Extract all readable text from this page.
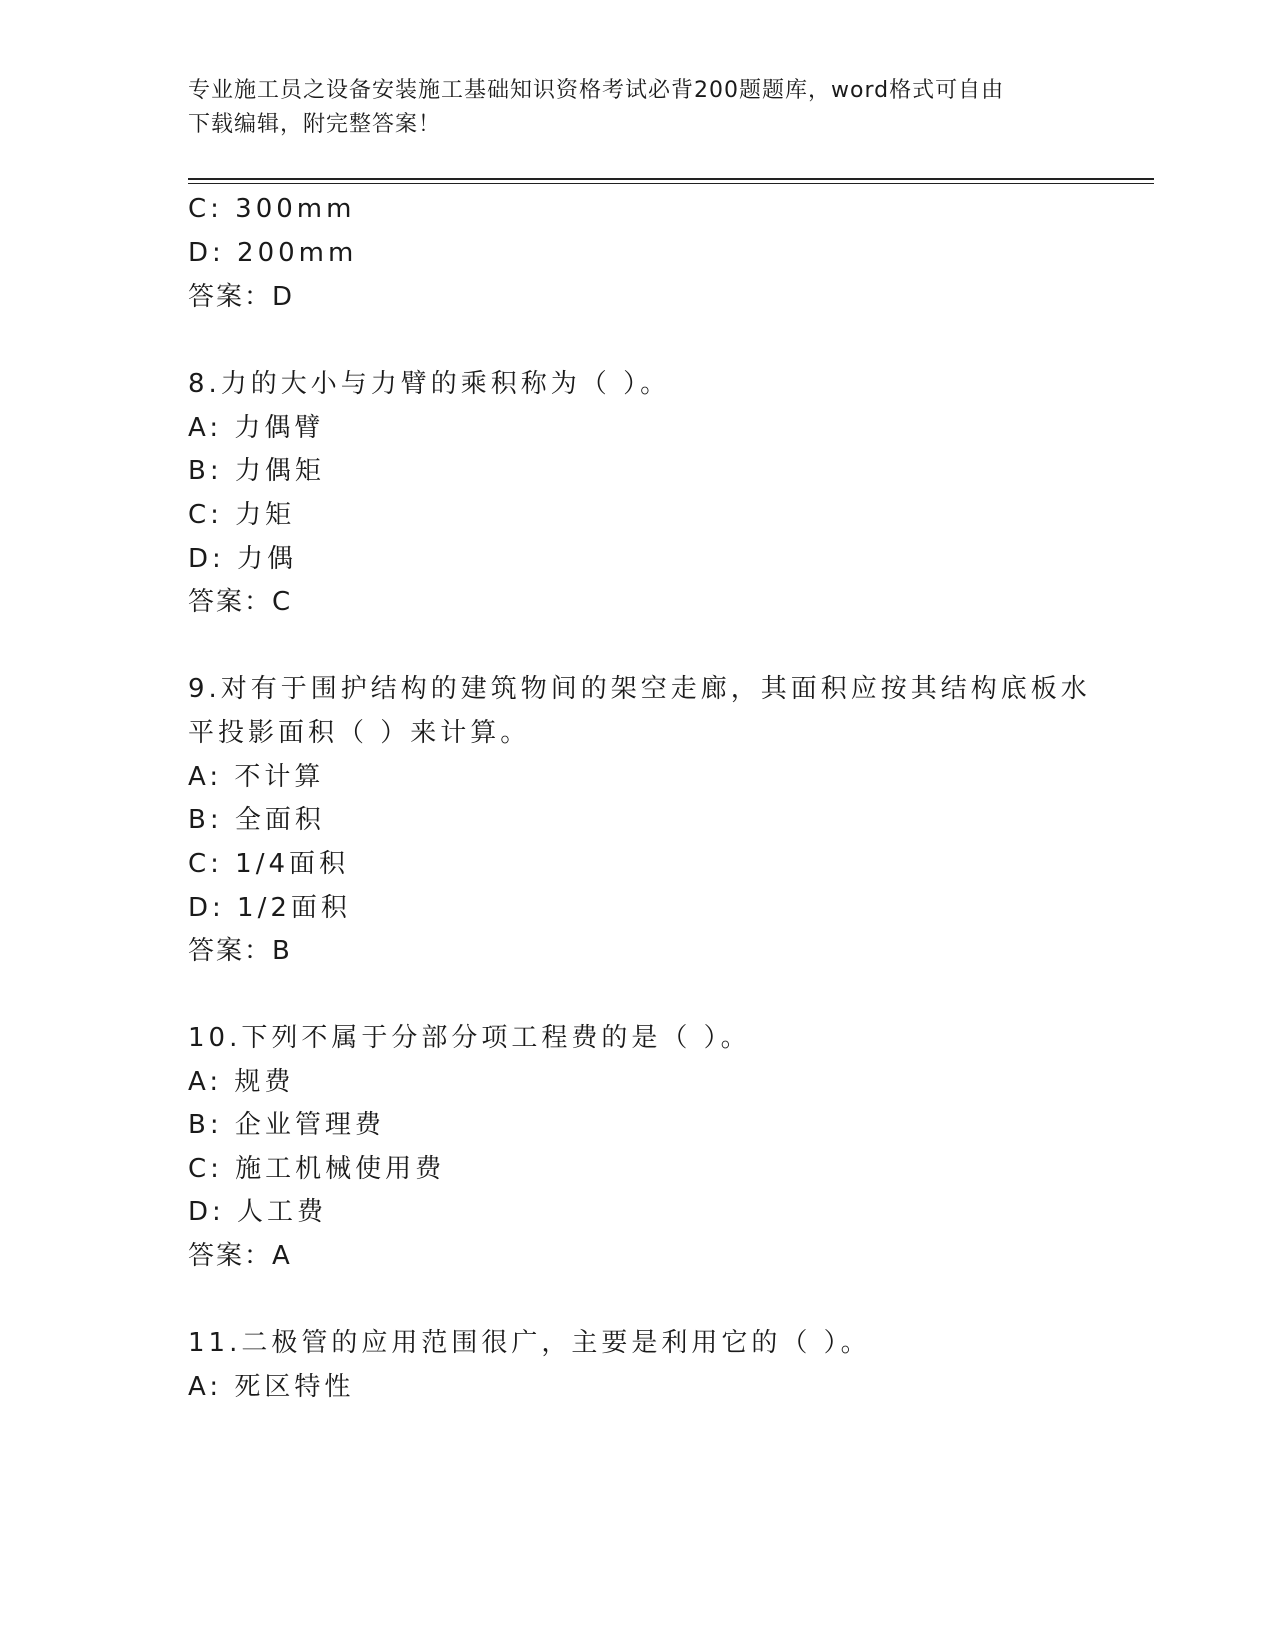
专业施工员之设备安装施工基础知识资格考试必背200题题库，word格式可自由
下载编辑，附完整答案！
C: 300mm
D: 200mm
答案：D
8.力的大小与力臂的乘积称为（ ）。
A: 力偶臂
B: 力偶矩
C: 力矩
D: 力偶
答案：C
9.对有于围护结构的建筑物间的架空走廊，其面积应按其结构底板水
平投影面积（ ）来计算。
A: 不计算
B: 全面积
C: 1/4面积
D: 1/2面积
答案：B
10.下列不属于分部分项工程费的是（ ）。
A: 规费
B: 企业管理费
C: 施工机械使用费
D: 人工费
答案：A
11.二极管的应用范围很广，主要是利用它的（ ）。
A: 死区特性
